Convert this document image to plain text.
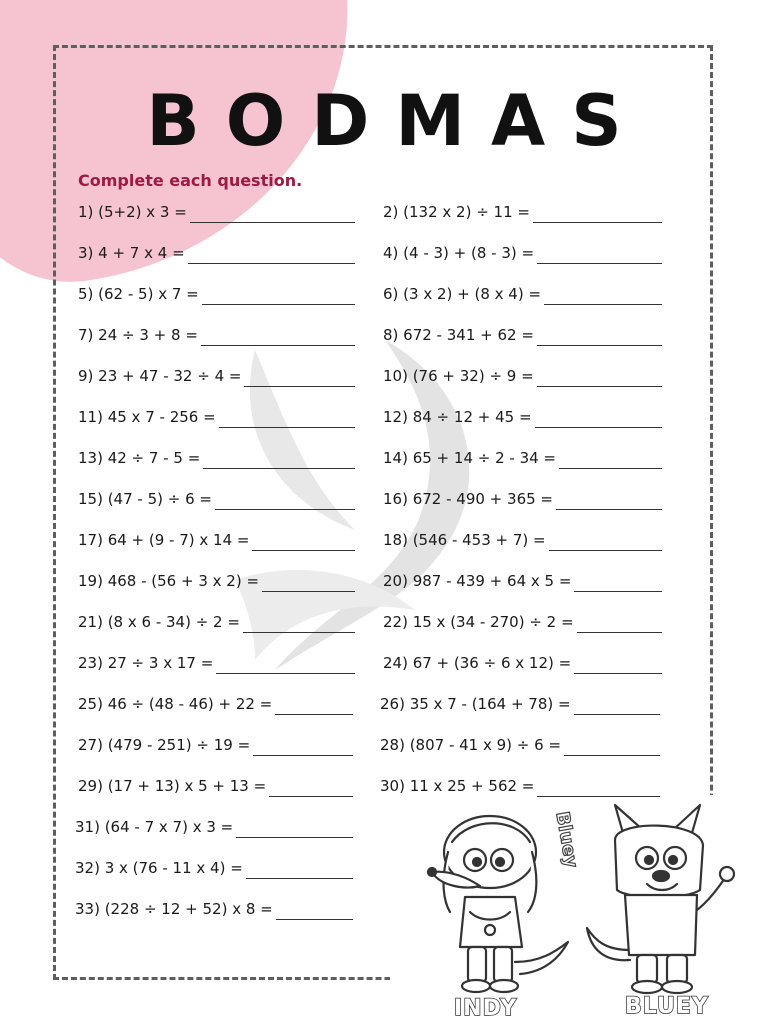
BODMAS
Complete each question.
1) (5+2) x 3 =	2) (132 x 2) ÷ 11 =
3) 4 + 7 x 4 =	4) (4 - 3) + (8 - 3) =
5) (62 - 5) x 7 =	6) (3 x 2) + (8 x 4) =
7) 24 ÷ 3 + 8 =	8) 672 - 341 + 62 =
9) 23 + 47 - 32 ÷ 4 =	10) (76 + 32) ÷ 9 =
11) 45 x 7 - 256 =	12) 84 ÷ 12 + 45 =
13) 42 ÷ 7 - 5 =	14) 65 + 14 ÷ 2 - 34 =
15) (47 - 5) ÷ 6 =	16) 672 - 490 + 365 =
17) 64 + (9 - 7) x 14 =	18) (546 - 453 + 7) =
19) 468 - (56 + 3 x 2) =	20) 987 - 439 + 64 x 5 =
21) (8 x 6 - 34) ÷ 2 =	22) 15 x (34 - 270) ÷ 2 =
23) 27 ÷ 3 x 17 =	24) 67 + (36 ÷ 6 x 12) =
25) 46 ÷ (48 - 46) + 22 =	26) 35 x 7 - (164 + 78) =
27) (479 - 251) ÷ 19 =	28) (807 - 41 x 9) ÷ 6 =
29) (17 + 13) x 5 + 13 =	30) 11 x 25 + 562 =
31) (64 - 7 x 7) x 3 =
32) 3 x (76 - 11 x 4) =
33) (228 ÷ 12 + 52) x 8 =
INDY	BLUEY
Bluey
